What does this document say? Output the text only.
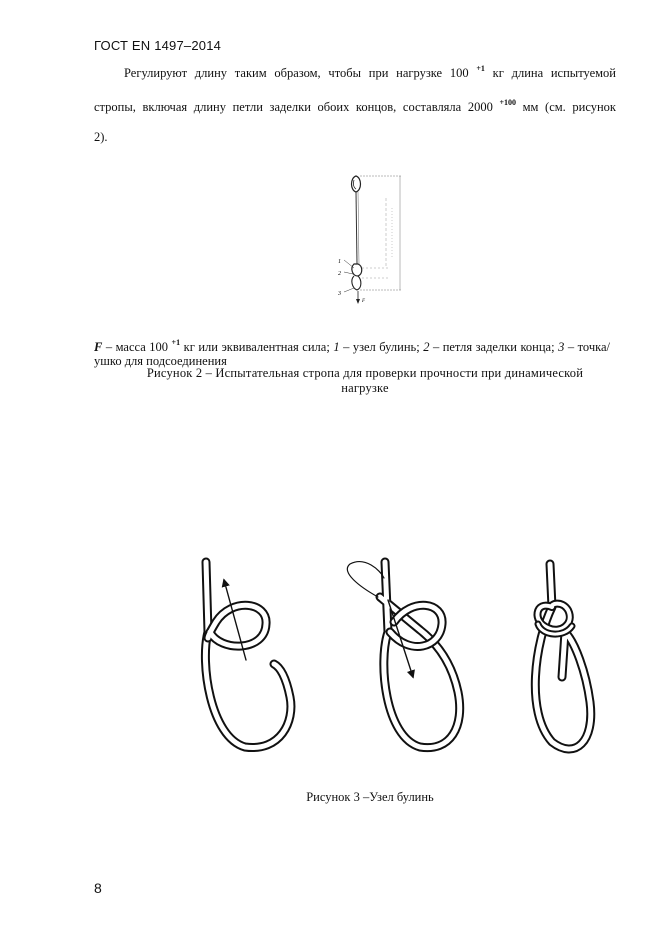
ГОСТ EN 1497–2014

Регулируют длину таким образом, чтобы при нагрузке 100 $^{+1}$ кг длина испытуемой

стропы, включая длину петли заделки обоих концов, составляла 2000 $^{+100}$ мм (см. рисунок

2).

1
2
3
F
F – масса 100 $^{+1}$ кг или эквивалентная сила; 1 – узел булинь; 2 – петля заделки конца; 3 – точка/ушко для подсоединения
Рисунок 2 – Испытательная стропа для проверки прочности при динамической нагрузке
Рисунок 3 –Узел булинь
8
